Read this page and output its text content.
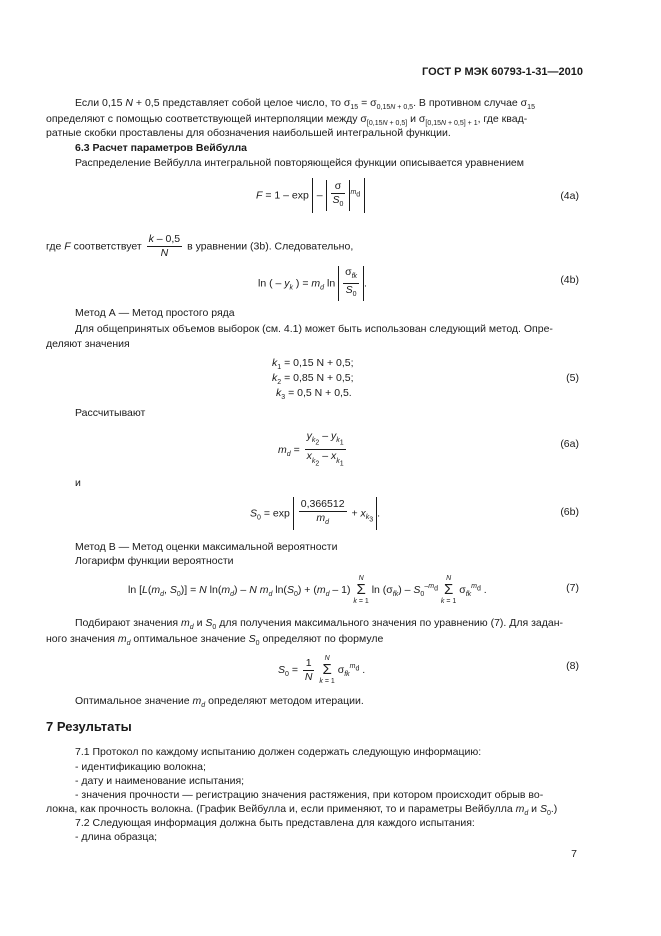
ГОСТ Р МЭК 60793-1-31—2010
Если 0,15 N + 0,5 представляет собой целое число, то $\sigma_{15} = \sigma_{0,15N + 0,5}$. В противном случае $\sigma_{15}$
определяют с помощью соответствующей интерполяции между $\sigma_{[0,15N + 0,5]}$ и $\sigma_{[0,15N + 0,5] + 1}$, где квад-
ратные скобки проставлены для обозначения наибольшей интегральной функции.
6.3 Расчет параметров Вейбулла
Распределение Вейбулла интегральной повторяющейся функции описывается уравнением
$F = 1 - \exp - \frac{\sigma}{S_0} ^{m_d}$	(4a)
где F соответствует $\frac{k - 0,5}{N}$ в уравнении (3b). Следовательно,
ln ( – $y_k$ ) = $m_d$ $\ln \frac{\sigma_{fk}}{S_0}$ .	(4b)
Метод А — Метод простого ряда
Для общепринятых объемов выборок (см. 4.1) может быть использован следующий метод. Опре-
деляют значения
$k_1 = 0,15$ N + 0,5;
$k_2 = 0,85$ N + 0,5;
$k_3 = 0,5$ N + 0,5.
(5)
Рассчитывают
$m_d = \frac{y_{k_2} - y_{k_1}}{x_{k_2} - x_{k_1}}$	(6a)
и
$S_0 = \exp \frac{0,366512}{m_d} + x_{k_3}$.	(6b)
Метод В — Метод оценки максимальной вероятности
Логарифм функции вероятности
$\ln [L(m_d$, $S_0)] = N$ $\ln(m_d)$ – N $m_d$ $\ln(S_0) + (m_d - 1)$ N
Σ
k = 1 $\ln (\sigma_{fk}) - S_0^{-m_d}$ N
Σ
k = 1 $\sigma_{fk}^{m_d}$ .	(7)
Подбирают значения $m_d$ и $S_0$ для получения максимального значения по уравнению (7). Для задан-
ного значения $m_d$ оптимальное значение $S_0$ определяют по формуле
$S_0 = \frac{1}{N}$ N
Σ
k = 1 $\sigma_{fk}^{m_d}$ .	(8)
Оптимальное значение $m_d$ определяют методом итерации.
7 Результаты
7.1 Протокол по каждому испытанию должен содержать следующую информацию:
- идентификацию волокна;
- дату и наименование испытания;
- значения прочности — регистрацию значения растяжения, при котором происходит обрыв во-
локна, как прочность волокна. (График Вейбулла и, если применяют, то и параметры Вейбулла $m_d$ и $S_0$.)
7.2 Следующая информация должна быть представлена для каждого испытания:
- длина образца;
7
